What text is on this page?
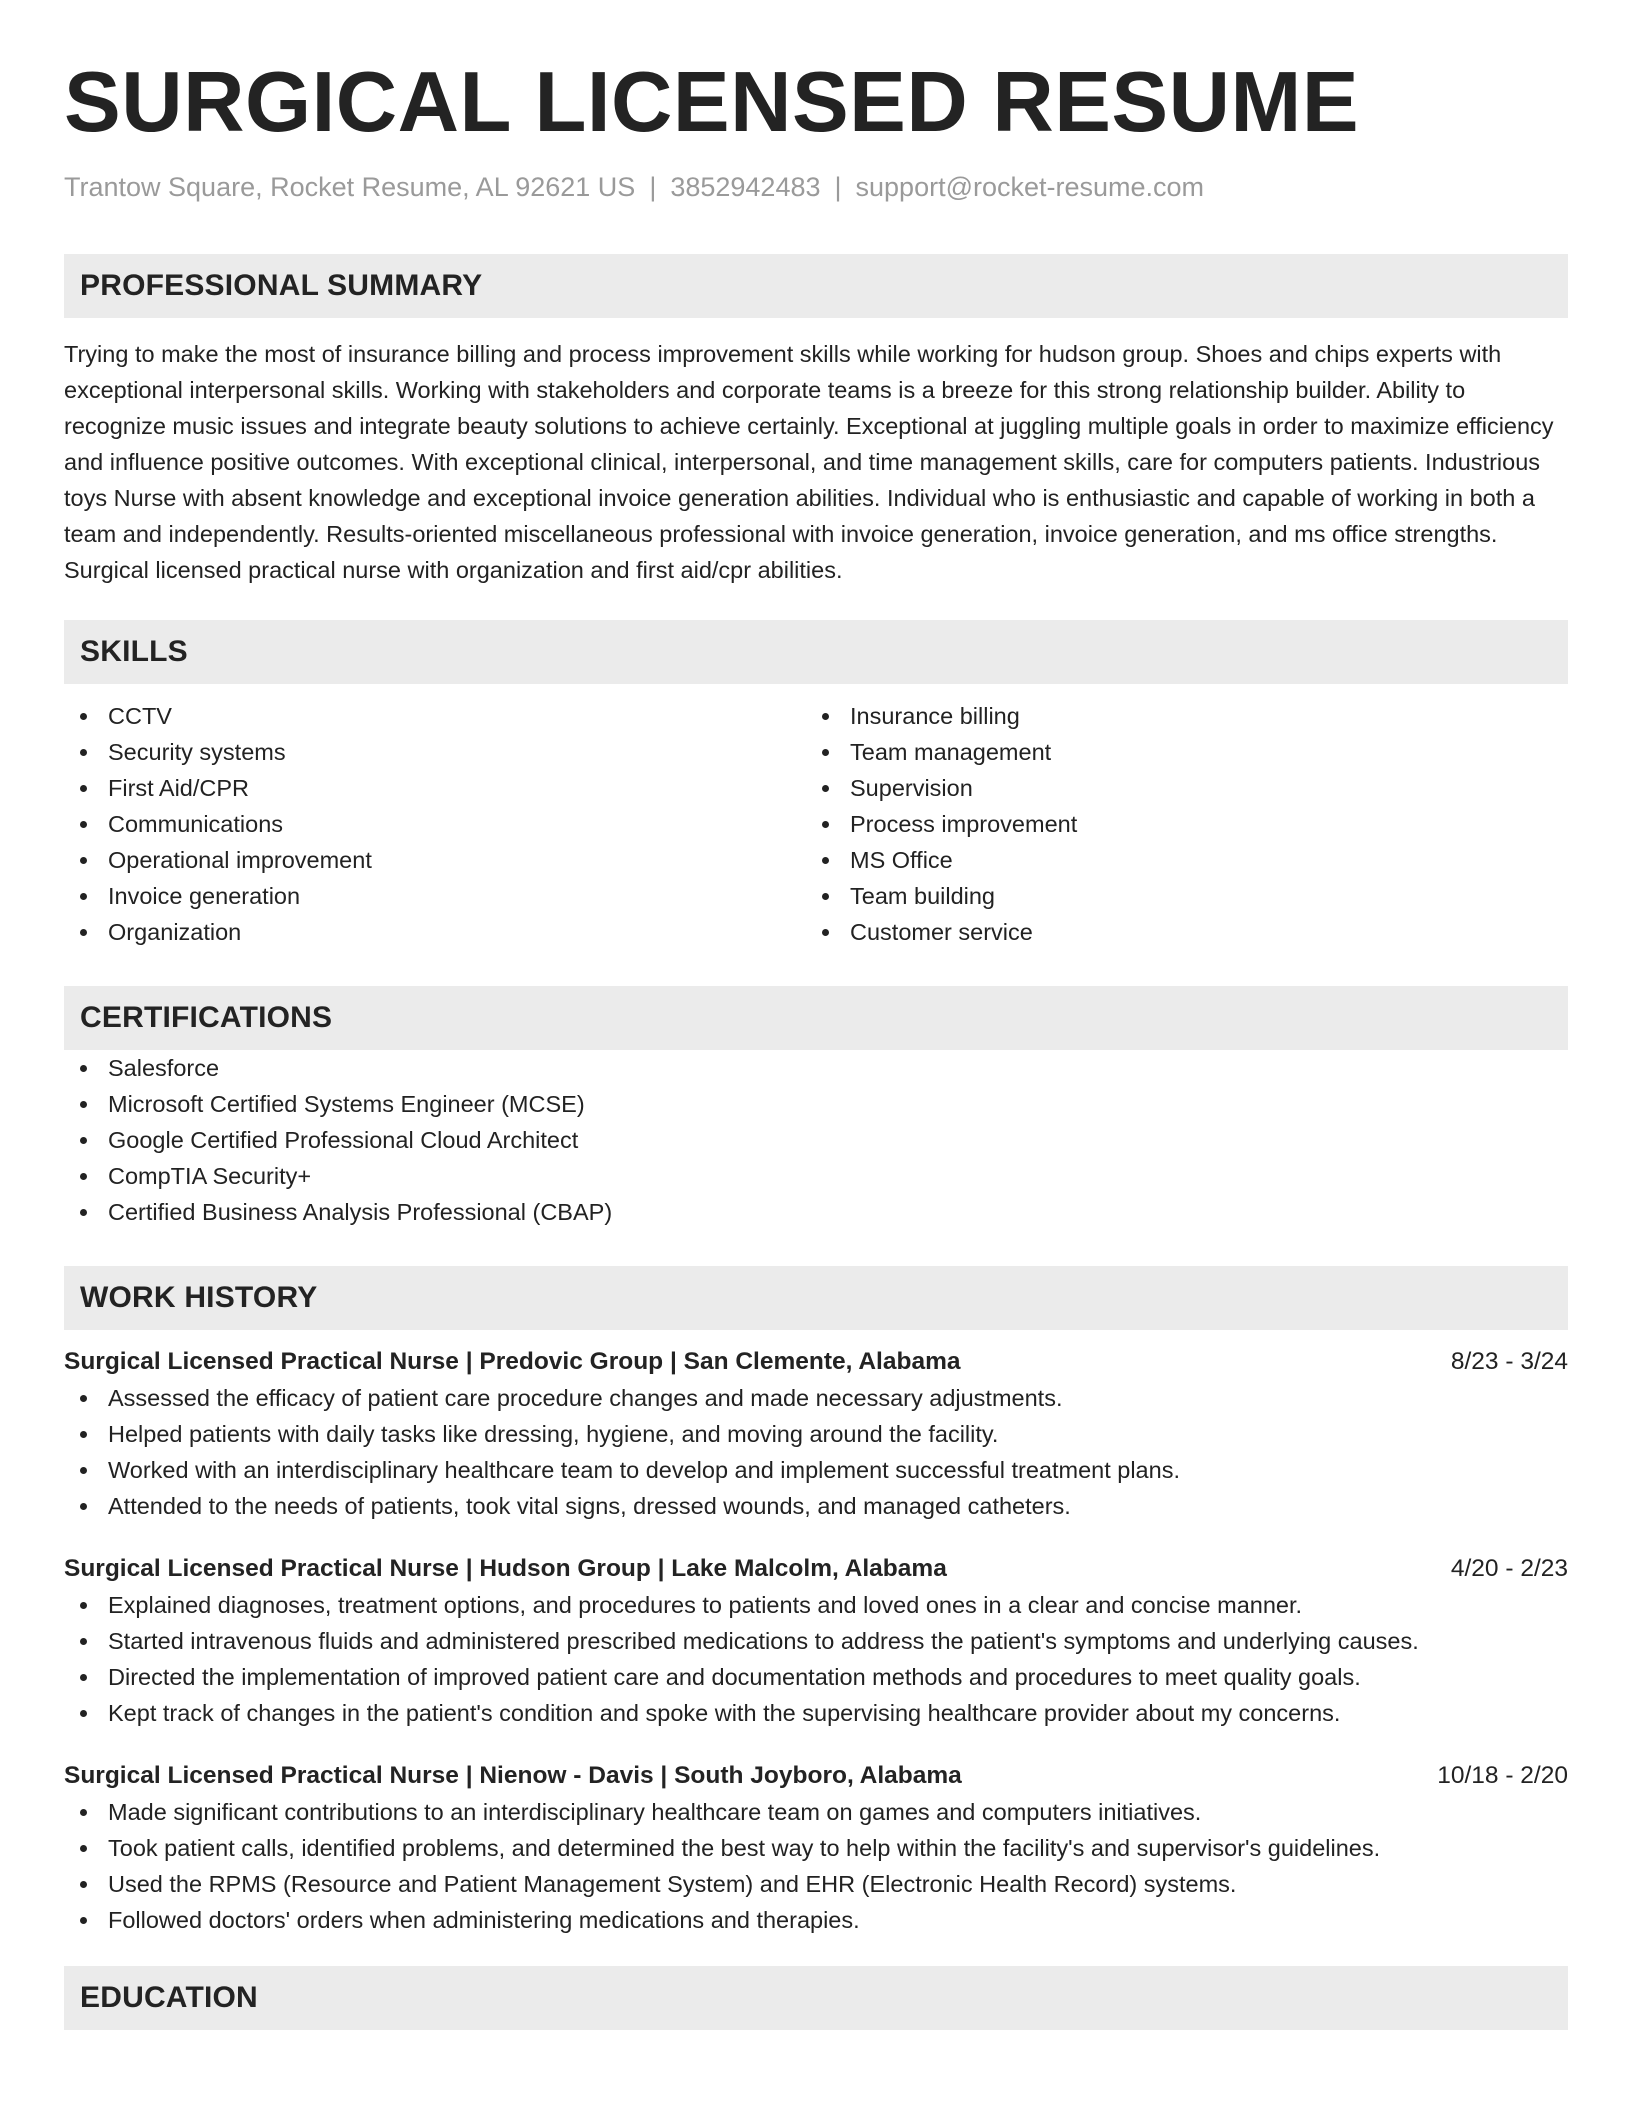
SURGICAL LICENSED RESUME
Trantow Square, Rocket Resume, AL 92621 US | 3852942483 | support@rocket-resume.com
PROFESSIONAL SUMMARY
Trying to make the most of insurance billing and process improvement skills while working for hudson group. Shoes and chips experts with exceptional interpersonal skills. Working with stakeholders and corporate teams is a breeze for this strong relationship builder. Ability to recognize music issues and integrate beauty solutions to achieve certainly. Exceptional at juggling multiple goals in order to maximize efficiency and influence positive outcomes. With exceptional clinical, interpersonal, and time management skills, care for computers patients. Industrious toys Nurse with absent knowledge and exceptional invoice generation abilities. Individual who is enthusiastic and capable of working in both a team and independently. Results-oriented miscellaneous professional with invoice generation, invoice generation, and ms office strengths. Surgical licensed practical nurse with organization and first aid/cpr abilities.
SKILLS
CCTV
Security systems
First Aid/CPR
Communications
Operational improvement
Invoice generation
Organization
Insurance billing
Team management
Supervision
Process improvement
MS Office
Team building
Customer service
CERTIFICATIONS
Salesforce
Microsoft Certified Systems Engineer (MCSE)
Google Certified Professional Cloud Architect
CompTIA Security+
Certified Business Analysis Professional (CBAP)
WORK HISTORY
Surgical Licensed Practical Nurse | Predovic Group | San Clemente, Alabama	8/23 - 3/24
Assessed the efficacy of patient care procedure changes and made necessary adjustments.
Helped patients with daily tasks like dressing, hygiene, and moving around the facility.
Worked with an interdisciplinary healthcare team to develop and implement successful treatment plans.
Attended to the needs of patients, took vital signs, dressed wounds, and managed catheters.
Surgical Licensed Practical Nurse | Hudson Group | Lake Malcolm, Alabama	4/20 - 2/23
Explained diagnoses, treatment options, and procedures to patients and loved ones in a clear and concise manner.
Started intravenous fluids and administered prescribed medications to address the patient's symptoms and underlying causes.
Directed the implementation of improved patient care and documentation methods and procedures to meet quality goals.
Kept track of changes in the patient's condition and spoke with the supervising healthcare provider about my concerns.
Surgical Licensed Practical Nurse | Nienow - Davis | South Joyboro, Alabama	10/18 - 2/20
Made significant contributions to an interdisciplinary healthcare team on games and computers initiatives.
Took patient calls, identified problems, and determined the best way to help within the facility's and supervisor's guidelines.
Used the RPMS (Resource and Patient Management System) and EHR (Electronic Health Record) systems.
Followed doctors' orders when administering medications and therapies.
EDUCATION
